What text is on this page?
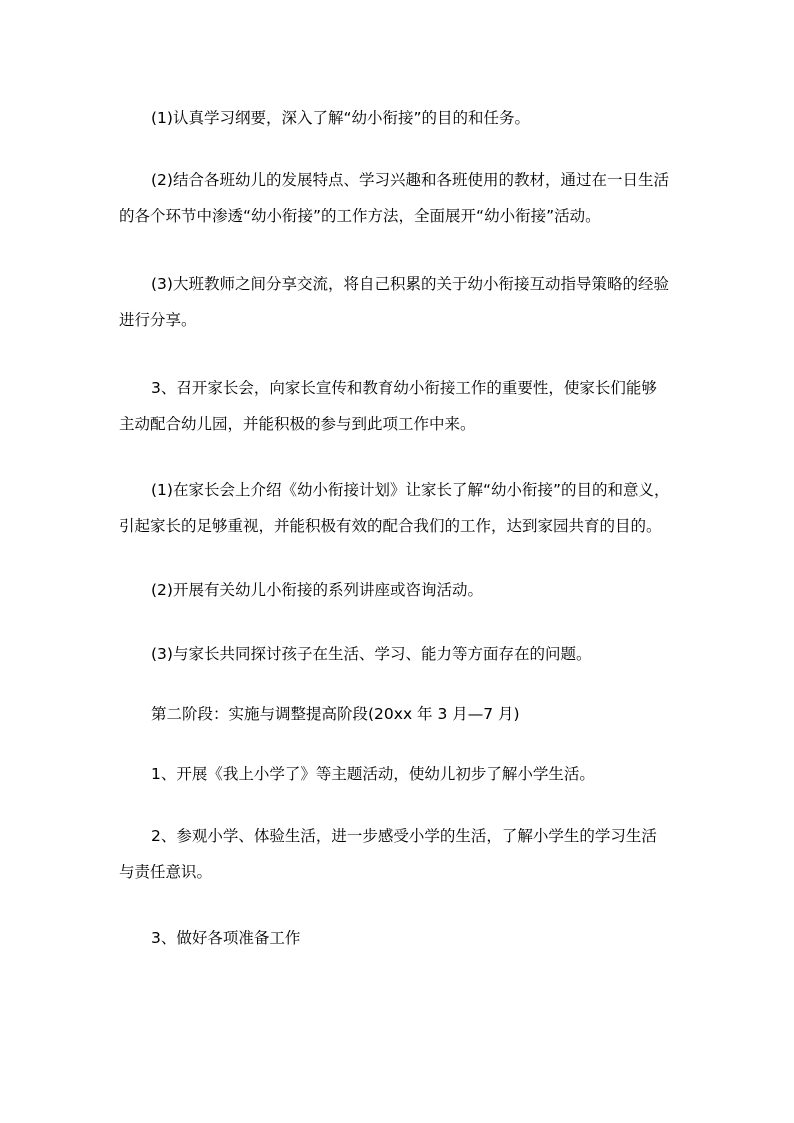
(1)认真学习纲要，深入了解“幼小衔接”的目的和任务。
(2)结合各班幼儿的发展特点、学习兴趣和各班使用的教材，通过在一日生活
的各个环节中渗透“幼小衔接”的工作方法，全面展开“幼小衔接”活动。
(3)大班教师之间分享交流，将自己积累的关于幼小衔接互动指导策略的经验
进行分享。
3、召开家长会，向家长宣传和教育幼小衔接工作的重要性，使家长们能够
主动配合幼儿园，并能积极的参与到此项工作中来。
(1)在家长会上介绍《幼小衔接计划》让家长了解“幼小衔接”的目的和意义，
引起家长的足够重视，并能积极有效的配合我们的工作，达到家园共育的目的。
(2)开展有关幼儿小衔接的系列讲座或咨询活动。
(3)与家长共同探讨孩子在生活、学习、能力等方面存在的问题。
第二阶段：实施与调整提高阶段(20xx 年 3 月—7 月)
1、开展《我上小学了》等主题活动，使幼儿初步了解小学生活。
2、参观小学、体验生活，进一步感受小学的生活，了解小学生的学习生活
与责任意识。
3、做好各项准备工作
